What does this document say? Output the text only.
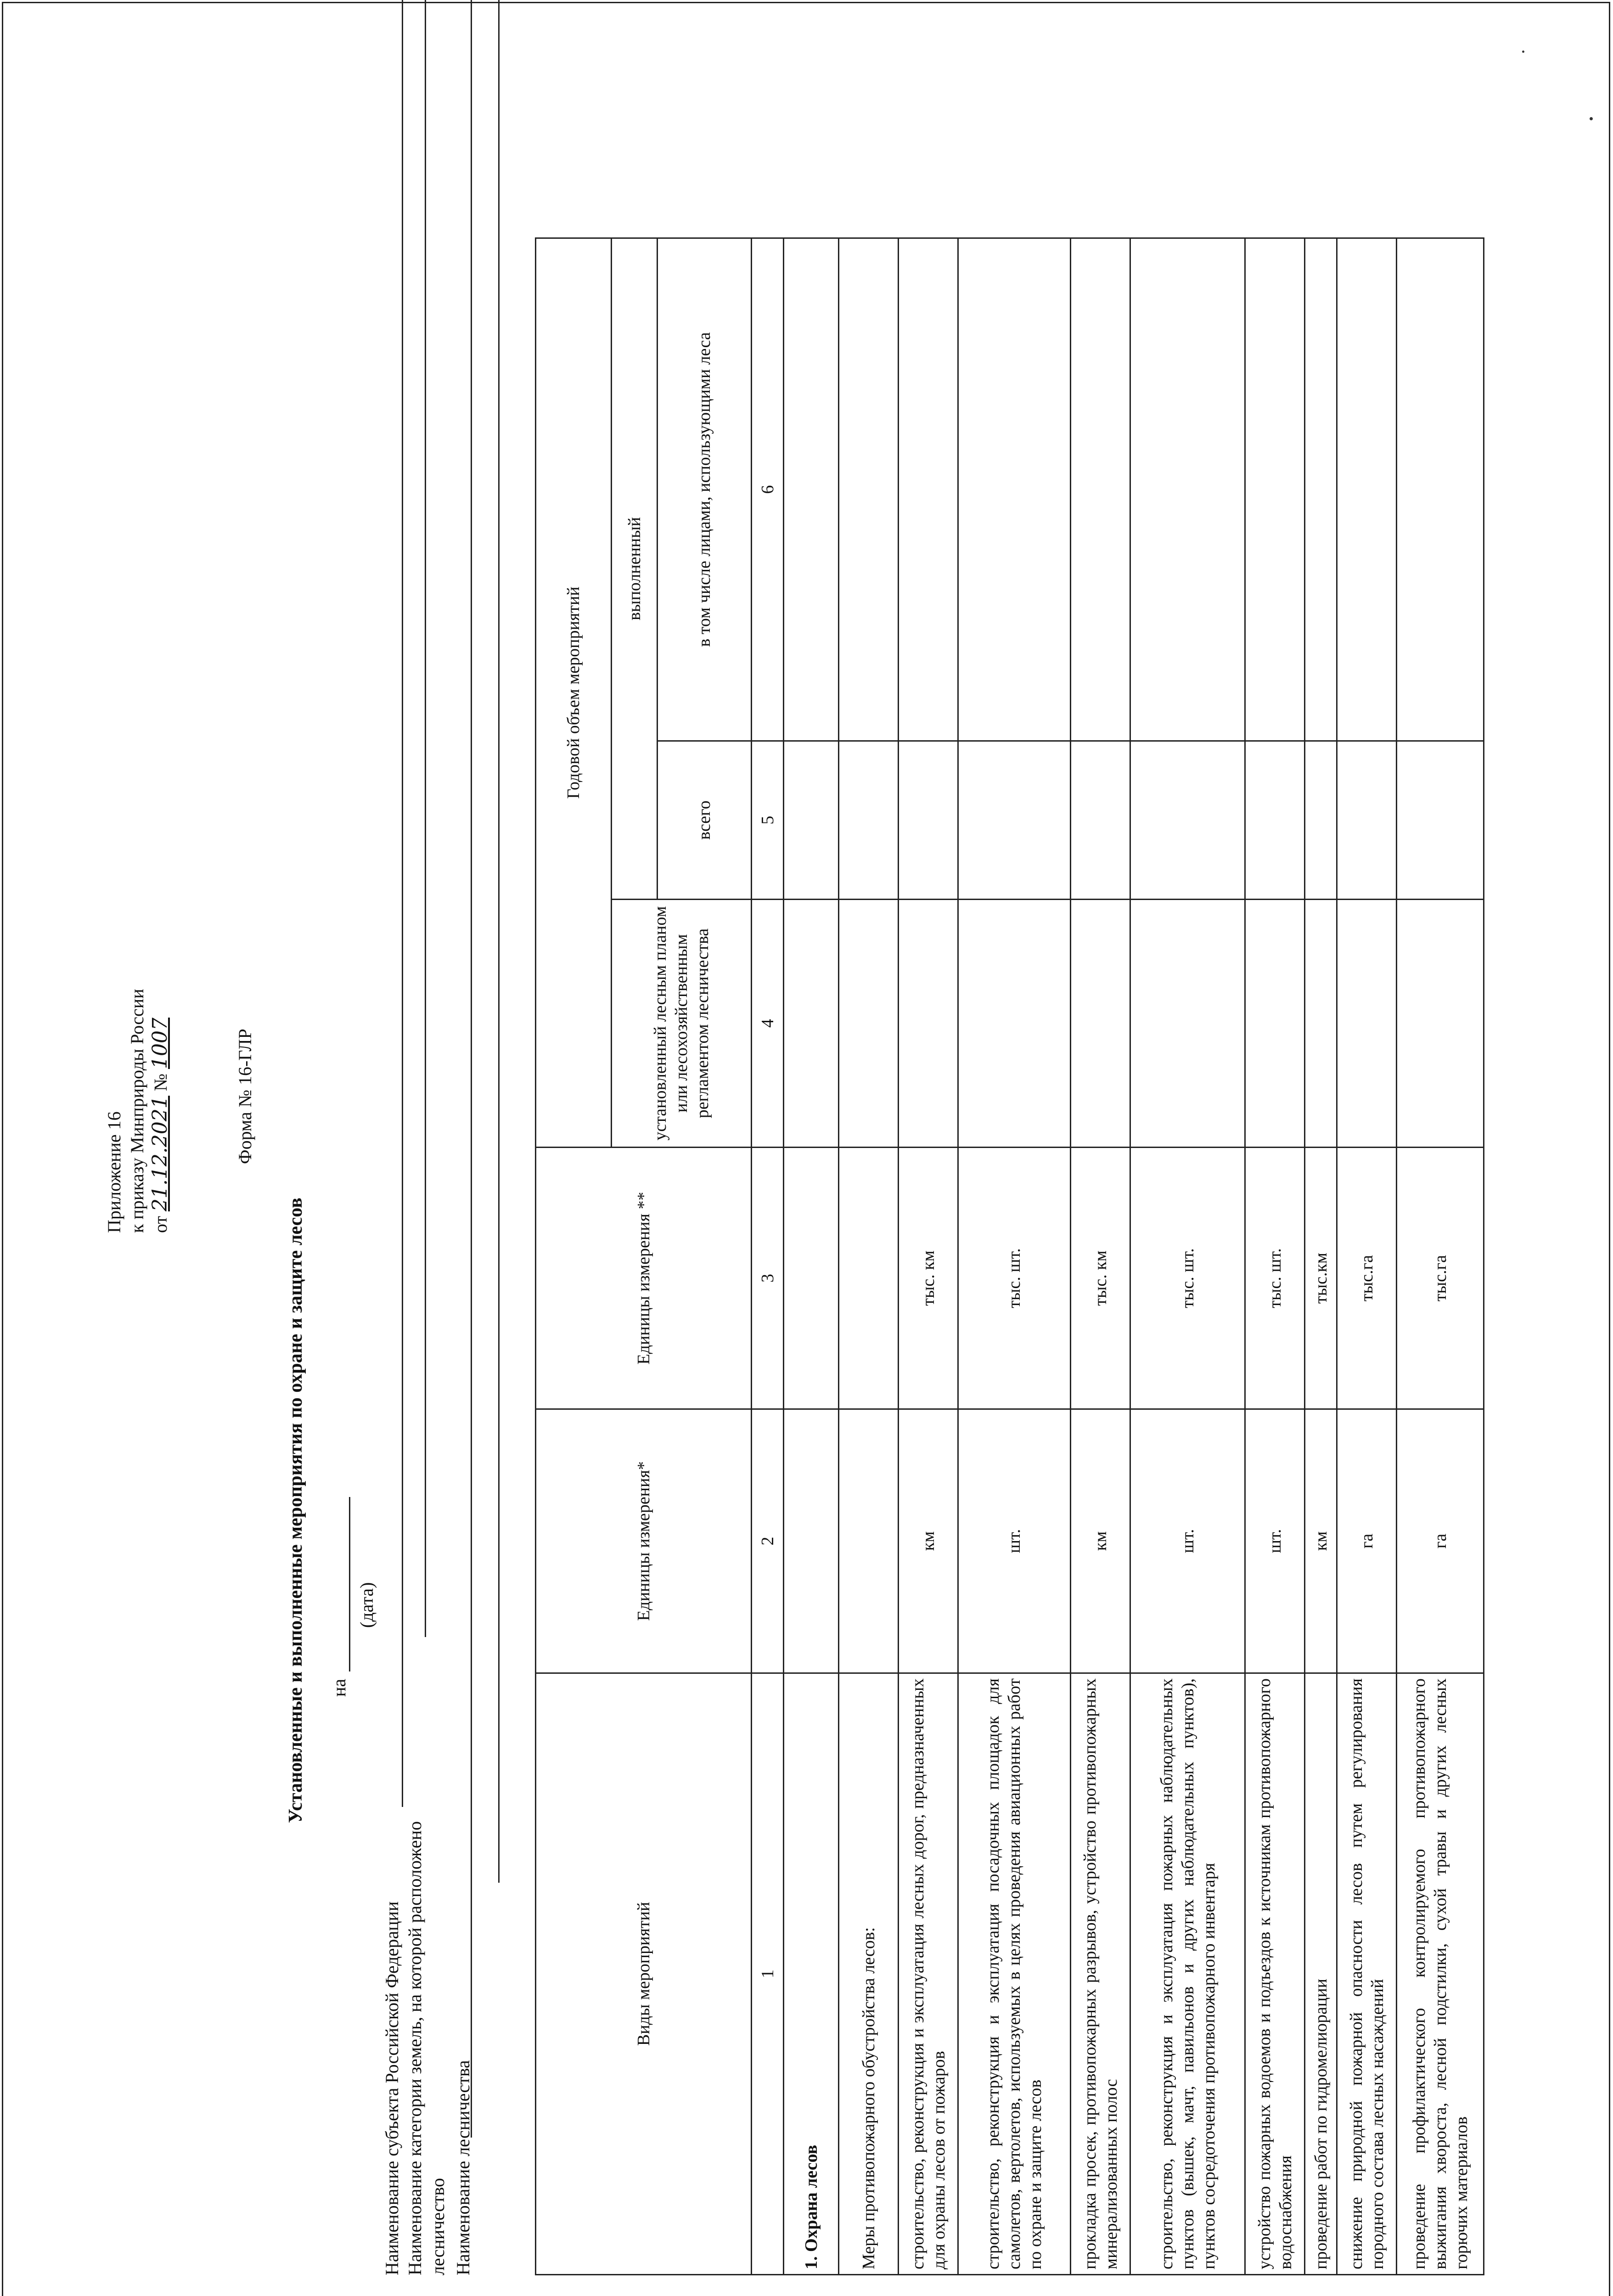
Приложение 16 к приказу Минприроды России от 21.12.2021 № 1007	Форма № 16-ГЛР
Установленные и выполненные мероприятия по охране и защите лесов на
(дата)
Наименование субъекта Российской Федерации Наименование категории земель, на которой расположено лесничество Наименование лесничества
Виды мероприятий	Единицы измерения*	Единицы измерения **	Годовой объем мероприятий		
			установленный лесным планом или лесохозяйственным регламентом лесничества	выполненный	
				всего	в том числе лицами, использующими леса
1	2	3	4	5	6
1. Охрана лесов					
Меры противопожарного обустройства лесов:					
строительство, реконструкция и эксплуатация лесных дорог, предназначенных для охраны лесов от пожаров	км	тыс. км			
строительство, реконструкция и эксплуатация посадочных площадок для самолетов, вертолетов, используемых в целях проведения авиационных работ по охране и защите лесов	шт.	тыс. шт.			
прокладка просек, противопожарных разрывов, устройство противопожарных минерализованных полос	км	тыс. км			
строительство, реконструкция и эксплуатация пожарных наблюдательных пунктов (вышек, мачт, павильонов и других наблюдательных пунктов), пунктов сосредоточения противопожарного инвентаря	шт.	тыс. шт.			
устройство пожарных водоемов и подъездов к источникам противопожарного водоснабжения	шт.	тыс. шт.			
проведение работ по гидромелиорации	км	тыс.км			
снижение природной пожарной опасности лесов путем регулирования породного состава лесных насаждений	га	тыс.га			
проведение профилактического контролируемого противопожарного выжигания хвороста, лесной подстилки, сухой травы и других лесных горючих материалов	га	тыс.га			
